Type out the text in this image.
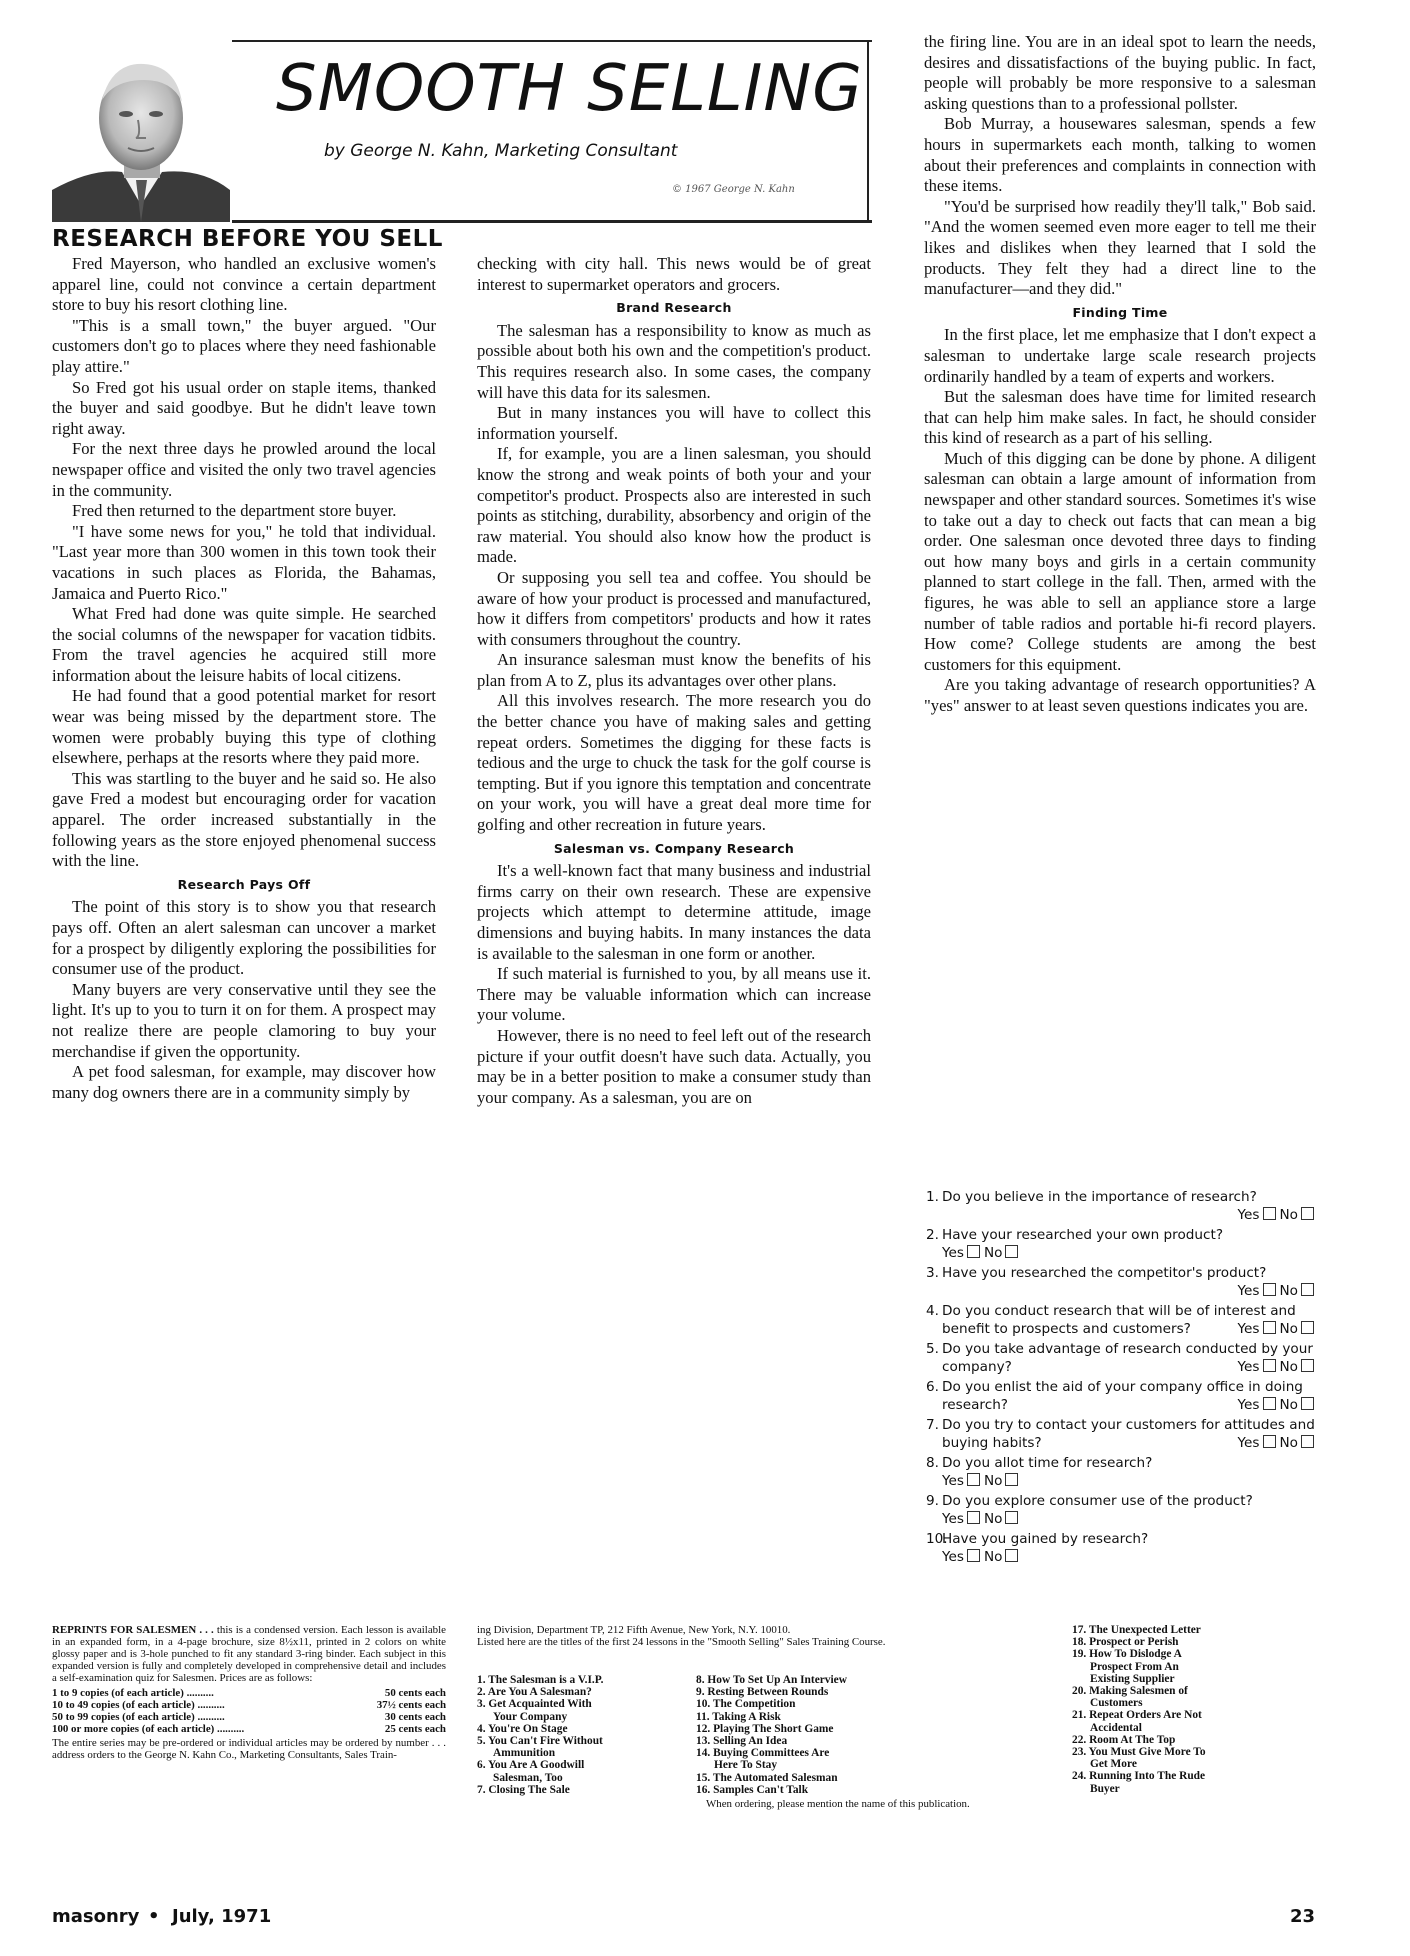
SMOOTH SELLING
by George N. Kahn, Marketing Consultant
© 1967 George N. Kahn
RESEARCH BEFORE YOU SELL

Fred Mayerson, who handled an exclusive women's apparel line, could not convince a certain department store to buy his resort clothing line.

"This is a small town," the buyer argued. "Our customers don't go to places where they need fashionable play attire."

So Fred got his usual order on staple items, thanked the buyer and said goodbye. But he didn't leave town right away.

For the next three days he prowled around the local newspaper office and visited the only two travel agencies in the community.

Fred then returned to the department store buyer.

"I have some news for you," he told that individual. "Last year more than 300 women in this town took their vacations in such places as Florida, the Bahamas, Jamaica and Puerto Rico."

What Fred had done was quite simple. He searched the social columns of the newspaper for vacation tidbits. From the travel agencies he acquired still more information about the leisure habits of local citizens.

He had found that a good potential market for resort wear was being missed by the department store. The women were probably buying this type of clothing elsewhere, perhaps at the resorts where they paid more.

This was startling to the buyer and he said so. He also gave Fred a modest but encouraging order for vacation apparel. The order increased substantially in the following years as the store enjoyed phenomenal success with the line.

Research Pays Off

The point of this story is to show you that research pays off. Often an alert salesman can uncover a market for a prospect by diligently exploring the possibilities for consumer use of the product.

Many buyers are very conservative until they see the light. It's up to you to turn it on for them. A prospect may not realize there are people clamoring to buy your merchandise if given the opportunity.

A pet food salesman, for example, may discover how many dog owners there are in a community simply by

checking with city hall. This news would be of great interest to supermarket operators and grocers.

Brand Research

The salesman has a responsibility to know as much as possible about both his own and the competition's product. This requires research also. In some cases, the company will have this data for its salesmen.

But in many instances you will have to collect this information yourself.

If, for example, you are a linen salesman, you should know the strong and weak points of both your and your competitor's product. Prospects also are interested in such points as stitching, durability, absorbency and origin of the raw material. You should also know how the product is made.

Or supposing you sell tea and coffee. You should be aware of how your product is processed and manufactured, how it differs from competitors' products and how it rates with consumers throughout the country.

An insurance salesman must know the benefits of his plan from A to Z, plus its advantages over other plans.

All this involves research. The more research you do the better chance you have of making sales and getting repeat orders. Sometimes the digging for these facts is tedious and the urge to chuck the task for the golf course is tempting. But if you ignore this temptation and concentrate on your work, you will have a great deal more time for golfing and other recreation in future years.

Salesman vs. Company Research

It's a well-known fact that many business and industrial firms carry on their own research. These are expensive projects which attempt to determine attitude, image dimensions and buying habits. In many instances the data is available to the salesman in one form or another.

If such material is furnished to you, by all means use it. There may be valuable information which can increase your volume.

However, there is no need to feel left out of the research picture if your outfit doesn't have such data. Actually, you may be in a better position to make a consumer study than your company. As a salesman, you are on

the firing line. You are in an ideal spot to learn the needs, desires and dissatisfactions of the buying public. In fact, people will probably be more responsive to a salesman asking questions than to a professional pollster.

Bob Murray, a housewares salesman, spends a few hours in supermarkets each month, talking to women about their preferences and complaints in connection with these items.

"You'd be surprised how readily they'll talk," Bob said. "And the women seemed even more eager to tell me their likes and dislikes when they learned that I sold the products. They felt they had a direct line to the manufacturer—and they did."

Finding Time

In the first place, let me emphasize that I don't expect a salesman to undertake large scale research projects ordinarily handled by a team of experts and workers.

But the salesman does have time for limited research that can help him make sales. In fact, he should consider this kind of research as a part of his selling.

Much of this digging can be done by phone. A diligent salesman can obtain a large amount of information from newspaper and other standard sources. Sometimes it's wise to take out a day to check out facts that can mean a big order. One salesman once devoted three days to finding out how many boys and girls in a certain community planned to start college in the fall. Then, armed with the figures, he was able to sell an appliance store a large number of table radios and portable hi-fi record players. How come? College students are among the best customers for this equipment.

Are you taking advantage of research opportunities? A "yes" answer to at least seven questions indicates you are.

1. Do you believe in the importance of research?
Yes No
2. Have your researched your own product?
Yes No
3. Have you researched the competitor's product?
Yes No
4. Do you conduct research that will be of interest and benefit to prospects and customers?	Yes No
5. Do you take advantage of research conducted by your company?	Yes No
6. Do you enlist the aid of your company office in doing research?	Yes No
7. Do you try to contact your customers for attitudes and buying habits?	Yes No
8. Do you allot time for research?
Yes No
9. Do you explore consumer use of the product?
Yes No
10.
Have you gained by research?
Yes No

REPRINTS FOR SALESMEN . . . this is a condensed version. Each lesson is available in an expanded form, in a 4-page brochure, size 8½x11, printed in 2 colors on white glossy paper and is 3-hole punched to fit any standard 3-ring binder. Each subject in this expanded version is fully and completely developed in comprehensive detail and includes a self-examination quiz for Salesmen. Prices are as follows:

1 to 9 copies (of each article) ..........	50 cents each
10 to 49 copies (of each article) ..........	37½ cents each
50 to 99 copies (of each article) ..........	30 cents each
100 or more copies (of each article) ..........	25 cents each

The entire series may be pre-ordered or individual articles may be ordered by number . . . address orders to the George N. Kahn Co., Marketing Consultants, Sales Train-

ing Division, Department TP, 212 Fifth Avenue, New York, N.Y. 10010.

Listed here are the titles of the first 24 lessons in the "Smooth Selling" Sales Training Course.

1. The Salesman is a V.I.P.
2. Are You A Salesman?
3. Get Acquainted With
Your Company
4. You're On Stage
5. You Can't Fire Without
Ammunition
6. You Are A Goodwill
Salesman, Too
7. Closing The Sale
8. How To Set Up An Interview
9. Resting Between Rounds
10. The Competition
11. Taking A Risk
12. Playing The Short Game
13. Selling An Idea
14. Buying Committees Are
Here To Stay
15. The Automated Salesman
16. Samples Can't Talk
17. The Unexpected Letter
18. Prospect or Perish
19. How To Dislodge A
Prospect From An
Existing Supplier
20. Making Salesmen of
Customers
21. Repeat Orders Are Not
Accidental
22. Room At The Top
23. You Must Give More To
Get More
24. Running Into The Rude
Buyer
When ordering, please mention the name of this publication.
masonry • July, 1971	23
